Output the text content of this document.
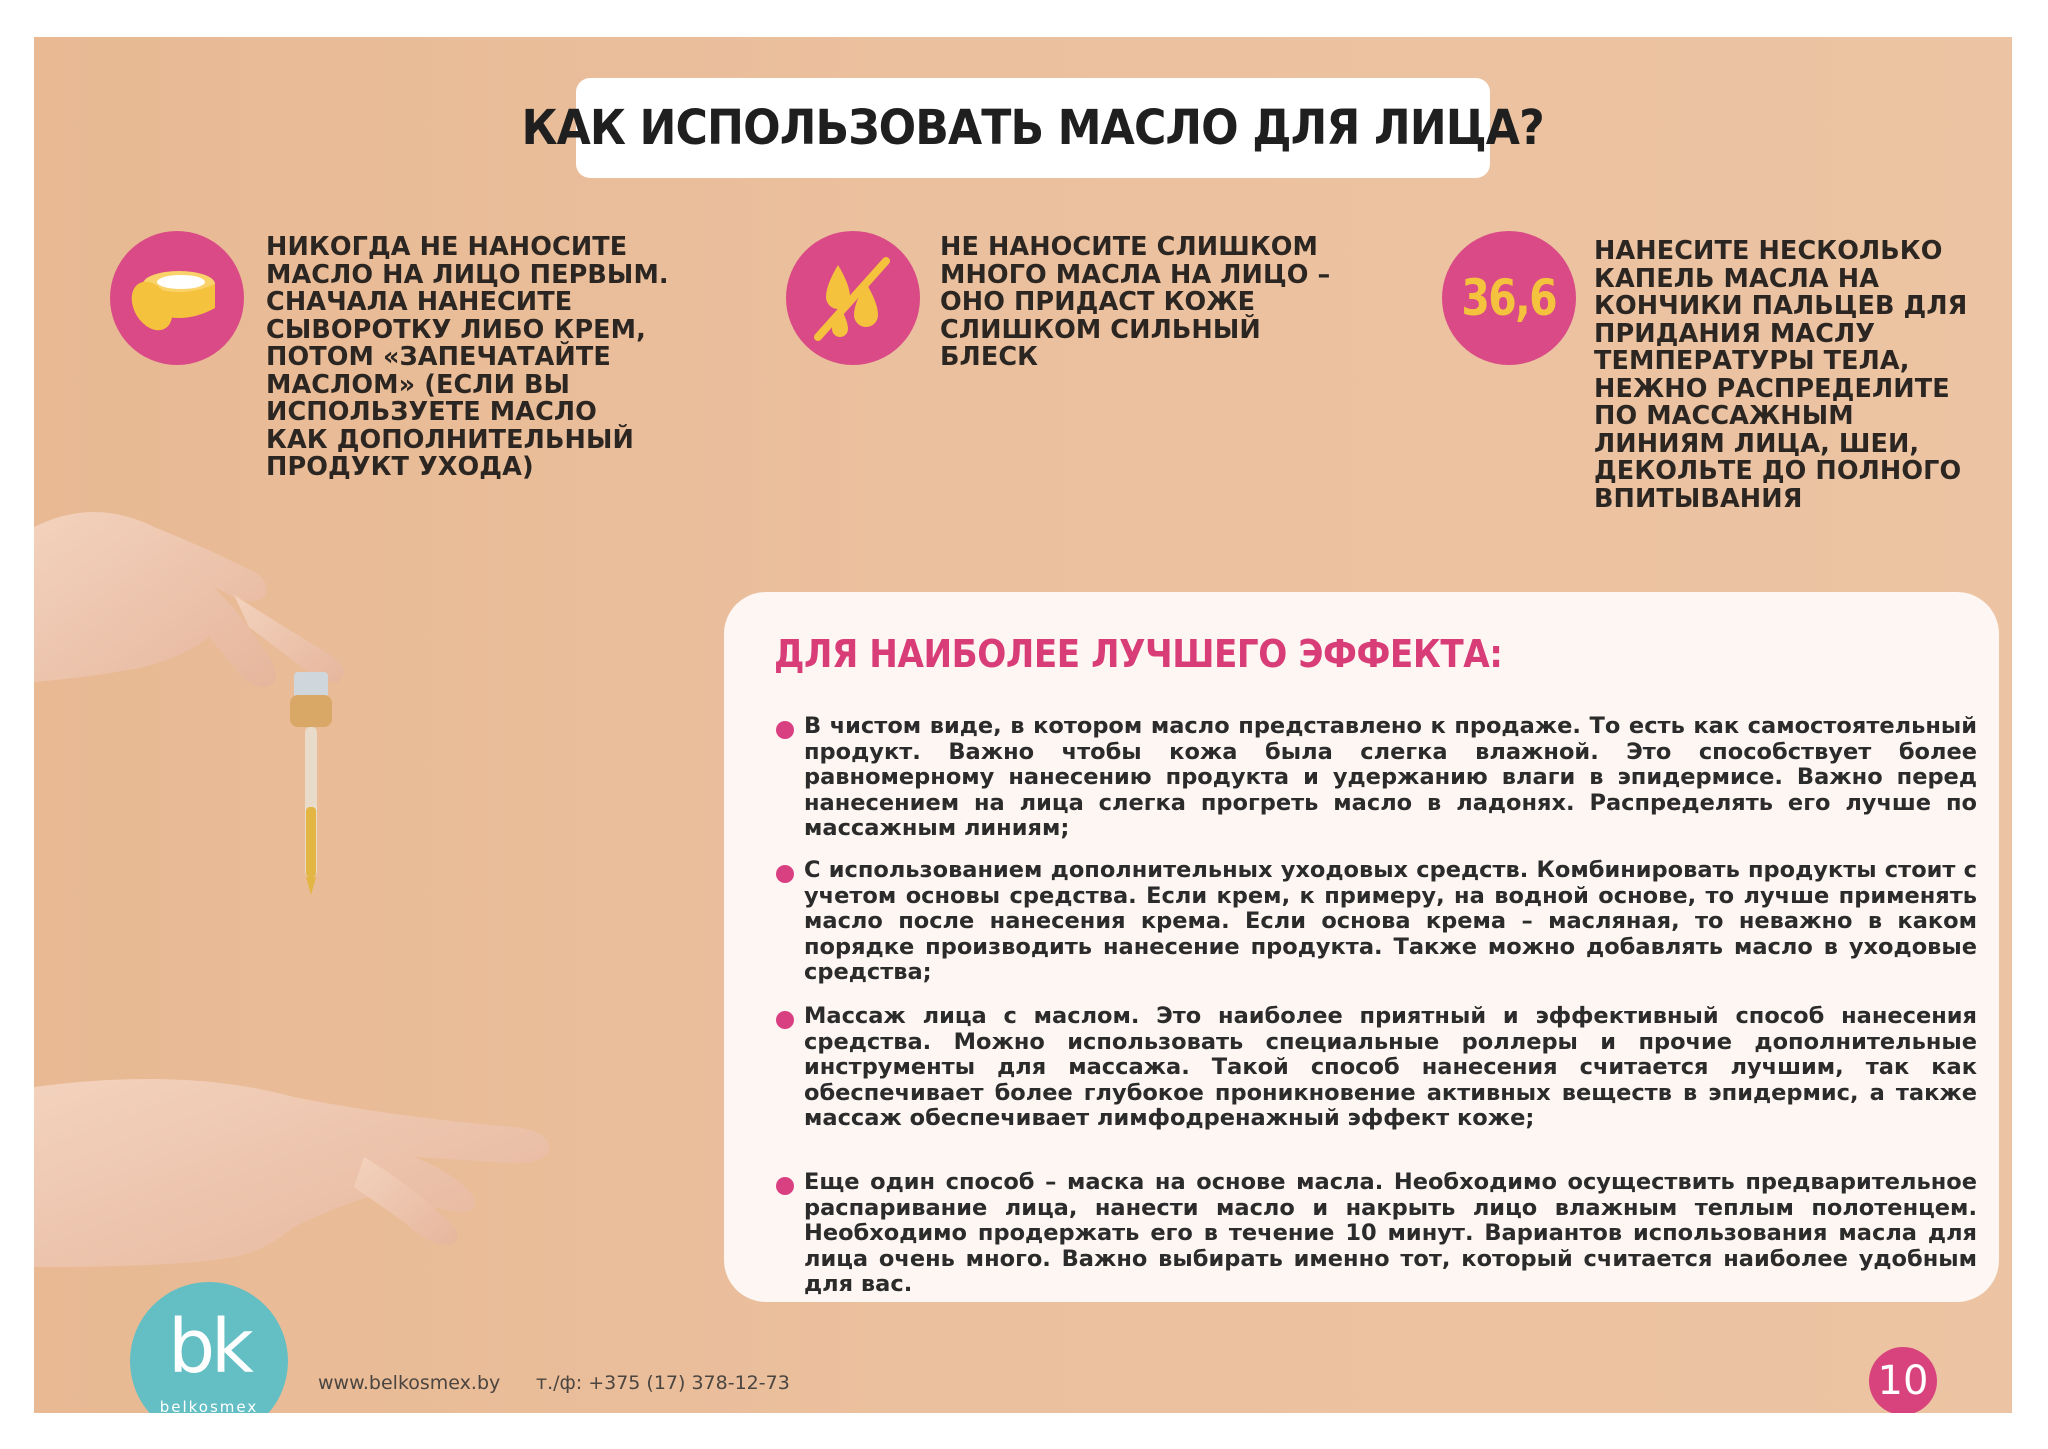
КАК ИСПОЛЬЗОВАТЬ МАСЛО ДЛЯ ЛИЦА?
НИКОГДА НЕ НАНОСИТЕ
МАСЛО НА ЛИЦО ПЕРВЫМ.
СНАЧАЛА НАНЕСИТЕ
СЫВОРОТКУ ЛИБО КРЕМ,
ПОТОМ «ЗАПЕЧАТАЙТЕ
МАСЛОМ» (ЕСЛИ ВЫ
ИСПОЛЬЗУЕТЕ МАСЛО
КАК ДОПОЛНИТЕЛЬНЫЙ
ПРОДУКТ УХОДА)
НЕ НАНОСИТЕ СЛИШКОМ
МНОГО МАСЛА НА ЛИЦО –
ОНО ПРИДАСТ КОЖЕ
СЛИШКОМ СИЛЬНЫЙ
БЛЕСК
36,6
НАНЕСИТЕ НЕСКОЛЬКО
КАПЕЛЬ МАСЛА НА
КОНЧИКИ ПАЛЬЦЕВ ДЛЯ
ПРИДАНИЯ МАСЛУ
ТЕМПЕРАТУРЫ ТЕЛА,
НЕЖНО РАСПРЕДЕЛИТЕ
ПО МАССАЖНЫМ
ЛИНИЯМ ЛИЦА, ШЕИ,
ДЕКОЛЬТЕ ДО ПОЛНОГО
ВПИТЫВАНИЯ
ДЛЯ НАИБОЛЕЕ ЛУЧШЕГО ЭФФЕКТА:
В чистом виде, в котором масло представлено к продаже. То есть как самостоятельный продукт. Важно чтобы кожа была слегка влажной. Это способствует более равномерному нанесению продукта и удержанию влаги в эпидермисе. Важно перед нанесением на лица слегка прогреть масло в ладонях. Распределять его лучше по массажным линиям;
С использованием дополнительных уходовых средств. Комбинировать продукты стоит с учетом основы средства. Если крем, к примеру, на водной основе, то лучше применять масло после нанесения крема. Если основа крема – масляная, то неважно в каком порядке производить нанесение продукта. Также можно добавлять масло в уходовые средства;
Массаж лица с маслом. Это наиболее приятный и эффективный способ нанесения средства. Можно использовать специальные роллеры и прочие дополнительные инструменты для массажа. Такой способ нанесения считается лучшим, так как обеспечивает более глубокое проникновение активных веществ в эпидермис, а также массаж обеспечивает лимфодренажный эффект коже;
Еще один способ – маска на основе масла. Необходимо осуществить предварительное распаривание лица, нанести масло и накрыть лицо влажным теплым полотенцем. Необходимо продержать его в течение 10 минут. Вариантов использования масла для лица очень много. Важно выбирать именно тот, который считается наиболее удобным для вас.
bk
belkosmex
www.belkosmex.by т./ф: +375 (17) 378-12-73	10
